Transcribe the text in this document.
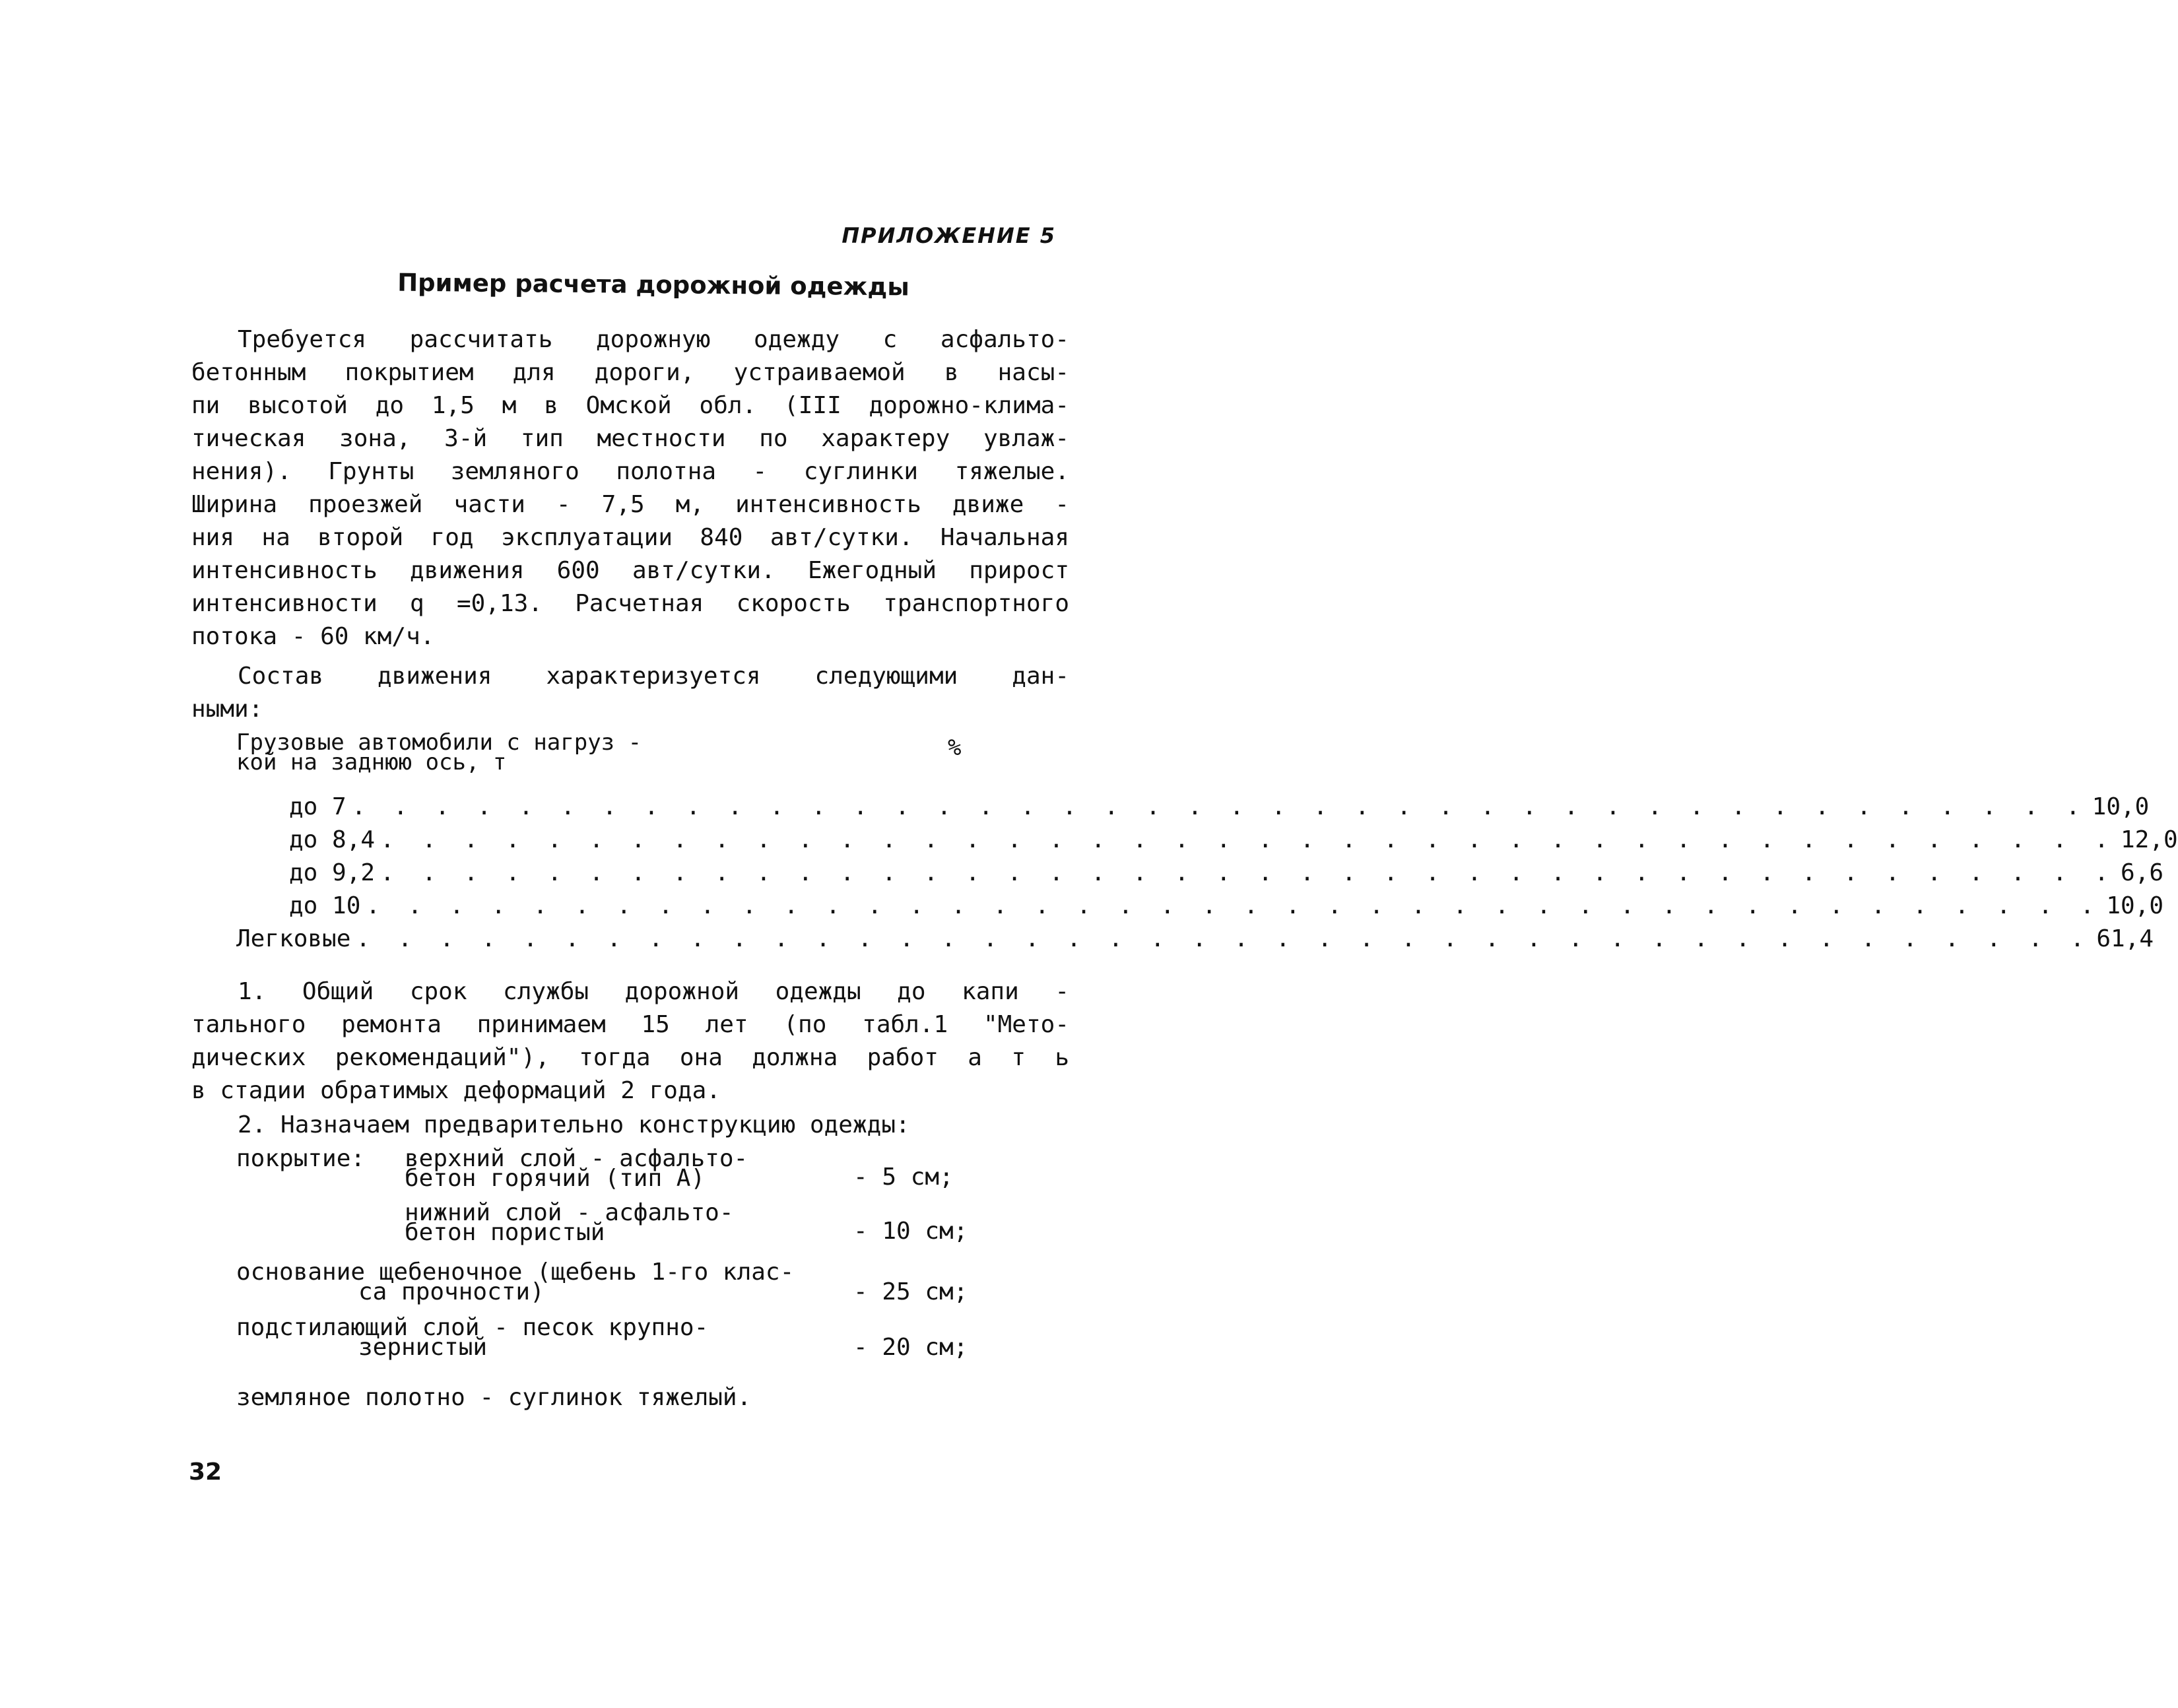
ПРИЛОЖЕНИЕ 5
Пример расчета дорожной одежды
Требуется рассчитать дорожную одежду с асфальто-
бетонным покрытием для дороги, устраиваемой в насы-
пи высотой до 1,5 м в Омской обл. (III дорожно-клима-
тическая зона, 3-й тип местности по характеру увлаж-
нения). Грунты земляного полотна - суглинки тяжелые.
Ширина проезжей части - 7,5 м, интенсивность движе -
ния на второй год эксплуатации 840 авт/сутки. Начальная
интенсивность движения 600 авт/сутки. Ежегодный прирост
интенсивности q =0,13. Расчетная скорость транспортного
потока - 60 км/ч.
Состав движения характеризуется следующими дан-
ными:
Грузовые автомобили с нагруз -
кой на заднюю ось, т
%
до 7 . . . . . . . . . . . . . . . . . . . . . . . . . . . . . . . . . . . . . . . . . . 10,0
до 8,4 . . . . . . . . . . . . . . . . . . . . . . . . . . . . . . . . . . . . . . . . . . 12,0
до 9,2 . . . . . . . . . . . . . . . . . . . . . . . . . . . . . . . . . . . . . . . . . . 6,6
до 10 . . . . . . . . . . . . . . . . . . . . . . . . . . . . . . . . . . . . . . . . . . 10,0
Легковые . . . . . . . . . . . . . . . . . . . . . . . . . . . . . . . . . . . . . . . . . . 61,4
1. Общий срок службы дорожной одежды до капи -
тального ремонта принимаем 15 лет (по табл.1 "Мето-
дических рекомендаций"), тогда она должна работ а т ь
в стадии обратимых деформаций 2 года.
2. Назначаем предварительно конструкцию одежды:
покрытие: верхний слой - асфальто-
бетон горячий (тип А)	- 5 см;
нижний слой - асфальто-
бетон пористый	- 10 см;
основание щебеночное (щебень 1-го клас-
са прочности)	- 25 см;
подстилающий слой - песок крупно-
зернистый	- 20 см;
земляное полотно - суглинок тяжелый.
32
